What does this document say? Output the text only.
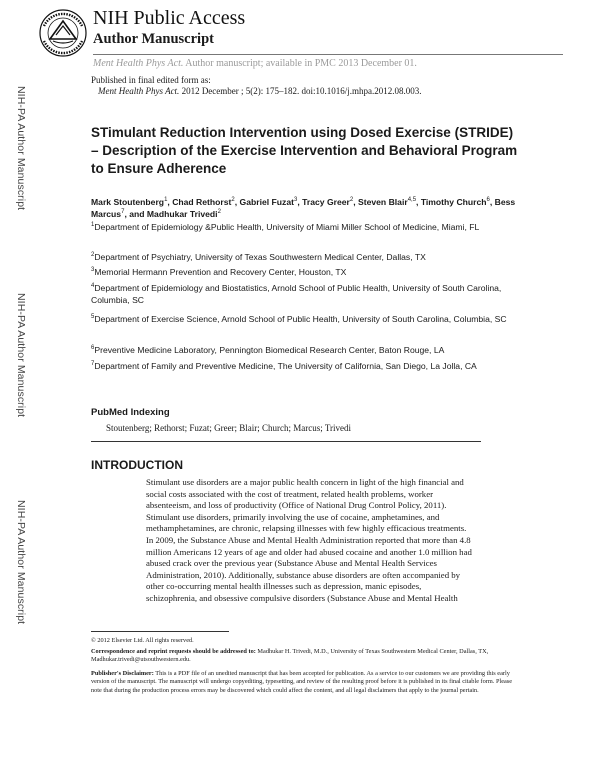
NIH Public Access
Author Manuscript
Ment Health Phys Act. Author manuscript; available in PMC 2013 December 01.
Published in final edited form as:
Ment Health Phys Act. 2012 December ; 5(2): 175–182. doi:10.1016/j.mhpa.2012.08.003.
NIH-PA Author Manuscript
NIH-PA Author Manuscript
NIH-PA Author Manuscript
STimulant Reduction Intervention using Dosed Exercise (STRIDE) – Description of the Exercise Intervention and Behavioral Program to Ensure Adherence
Mark Stoutenberg$^1$, Chad Rethorst$^2$, Gabriel Fuzat$^3$, Tracy Greer$^2$, Steven Blair$^{4,5}$, Timothy Church$^6$, Bess Marcus$^7$, and Madhukar Trivedi$^2$
$^1$Department of Epidemiology &Public Health, University of Miami Miller School of Medicine, Miami, FL
$^2$Department of Psychiatry, University of Texas Southwestern Medical Center, Dallas, TX
$^3$Memorial Hermann Prevention and Recovery Center, Houston, TX
$^4$Department of Epidemiology and Biostatistics, Arnold School of Public Health, University of South Carolina, Columbia, SC
$^5$Department of Exercise Science, Arnold School of Public Health, University of South Carolina, Columbia, SC
$^6$Preventive Medicine Laboratory, Pennington Biomedical Research Center, Baton Rouge, LA
$^7$Department of Family and Preventive Medicine, The University of California, San Diego, La Jolla, CA
PubMed Indexing
Stoutenberg; Rethorst; Fuzat; Greer; Blair; Church; Marcus; Trivedi
INTRODUCTION
Stimulant use disorders are a major public health concern in light of the high financial and
social costs associated with the cost of treatment, related health problems, worker
absenteeism, and loss of productivity (Office of National Drug Control Policy, 2011).
Stimulant use disorders, primarily involving the use of cocaine, amphetamines, and
methamphetamines, are chronic, relapsing illnesses with few highly efficacious treatments.
In 2009, the Substance Abuse and Mental Health Administration reported that more than 4.8
million Americans 12 years of age and older had abused cocaine and another 1.0 million had
abused crack over the previous year (Substance Abuse and Mental Health Services
Administration, 2010). Additionally, substance abuse disorders are often accompanied by
other co-occurring mental health illnesses such as depression, manic episodes,
schizophrenia, and obsessive compulsive disorders (Substance Abuse and Mental Health
© 2012 Elsevier Ltd. All rights reserved.
Correspondence and reprint requests should be addressed to: Madhukar H. Trivedi, M.D., University of Texas Southwestern Medical Center, Dallas, TX, Madhukar.trivedi@utsouthwestern.edu.
Publisher's Disclaimer: This is a PDF file of an unedited manuscript that has been accepted for publication. As a service to our customers we are providing this early version of the manuscript. The manuscript will undergo copyediting, typesetting, and review of the resulting proof before it is published in its final citable form. Please note that during the production process errors may be discovered which could affect the content, and all legal disclaimers that apply to the journal pertain.
